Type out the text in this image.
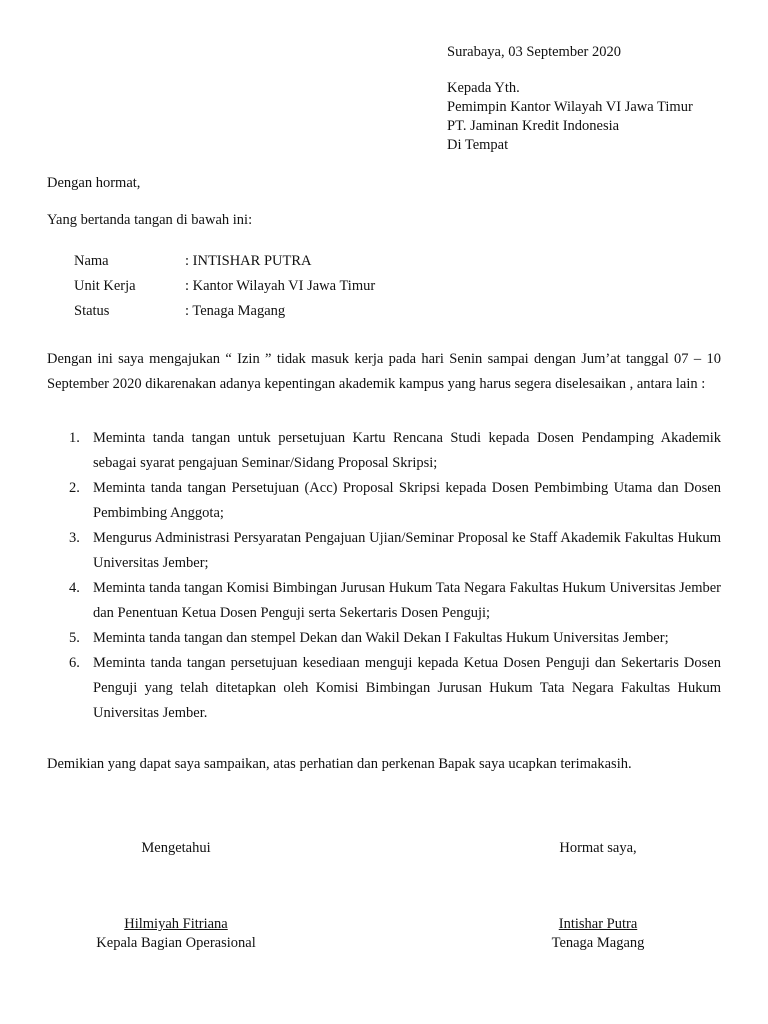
Surabaya, 03 September 2020
Kepada Yth.
Pemimpin Kantor Wilayah VI Jawa Timur
PT. Jaminan Kredit Indonesia
Di Tempat
Dengan hormat,
Yang bertanda tangan di bawah ini:
Nama	: INTISHAR PUTRA
Unit Kerja	: Kantor Wilayah VI Jawa Timur
Status	: Tenaga Magang
Dengan ini saya mengajukan “ Izin ” tidak masuk kerja pada hari Senin sampai dengan Jum’at tanggal 07 – 10 September 2020 dikarenakan adanya kepentingan akademik kampus yang harus segera diselesaikan , antara lain :
1. Meminta tanda tangan untuk persetujuan Kartu Rencana Studi kepada Dosen Pendamping Akademik sebagai syarat pengajuan Seminar/Sidang Proposal Skripsi;
2. Meminta tanda tangan Persetujuan (Acc) Proposal Skripsi kepada Dosen Pembimbing Utama dan Dosen Pembimbing Anggota;
3. Mengurus Administrasi Persyaratan Pengajuan Ujian/Seminar Proposal ke Staff Akademik Fakultas Hukum Universitas Jember;
4. Meminta tanda tangan Komisi Bimbingan Jurusan Hukum Tata Negara Fakultas Hukum Universitas Jember dan Penentuan Ketua Dosen Penguji serta Sekertaris Dosen Penguji;
5. Meminta tanda tangan dan stempel Dekan dan Wakil Dekan I Fakultas Hukum Universitas Jember;
6. Meminta tanda tangan persetujuan kesediaan menguji kepada Ketua Dosen Penguji dan Sekertaris Dosen Penguji yang telah ditetapkan oleh Komisi Bimbingan Jurusan Hukum Tata Negara Fakultas Hukum Universitas Jember.
Demikian yang dapat saya sampaikan, atas perhatian dan perkenan Bapak saya ucapkan terimakasih.
Mengetahui
Hilmiyah Fitriana
Kepala Bagian Operasional
Hormat saya,
Intishar Putra
Tenaga Magang
